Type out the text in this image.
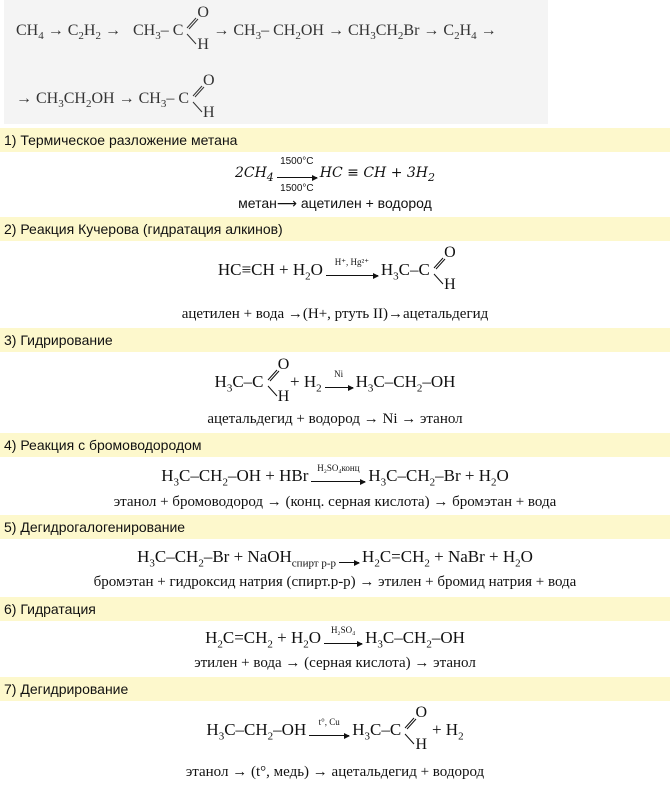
$CH_4 \to C_2H_2 \to CH_3-$ C
O
H
→ $CH_3-$ $CH_2OH \to CH_3CH_2Br \to C_2H_4$ →
→ $CH_3CH_2OH \to CH_3-$ C
O
H
1) Термическое разложение метана
$2CH_4$
1500°C
HC ≡ CH + $3H_2$
1500°C
метан⟶ ацетилен + водород
2) Реакция Кучерова (гидратация алкинов)
$HC\equiv CH + H_2O$	H⁺, Hg²⁺ $H_3C-C$
O
H
ацетилен + вода →(H+, ртуть II)→ацетальдегид
3) Гидрирование
$H_3C-C$
O
H
+ $H_2$
Ni $H_3C-CH_2-OH$
ацетальдегид + водород → Ni → этанол
4) Реакция с бромоводородом
$H_3C-CH_2-OH$ + HBr H₂SO₄конц $H_3C-CH_2-Br + H_2O$
этанол + бромоводород → (конц. серная кислота) → бромэтан + вода
5) Дегидрогалогенирование
$H_3C-CH_2-Br$ + NaOH$_{спирт р-р}$ $H_2C=CH_2$ + NaBr + $H_2O$
бромэтан + гидроксид натрия (спирт.р-р) → этилен + бромид натрия + вода
6) Гидратация
$H_2C=CH_2 + H_2O$	H₂SO₄ $H_3C-CH_2-OH$
этилен + вода → (серная кислота) → этанол
7) Дегидрирование
$H_3C-CH_2-OH$	t°, Cu $H_3C-C$
O
H
+ $H_2$
этанол → (t°, медь) → ацетальдегид + водород
